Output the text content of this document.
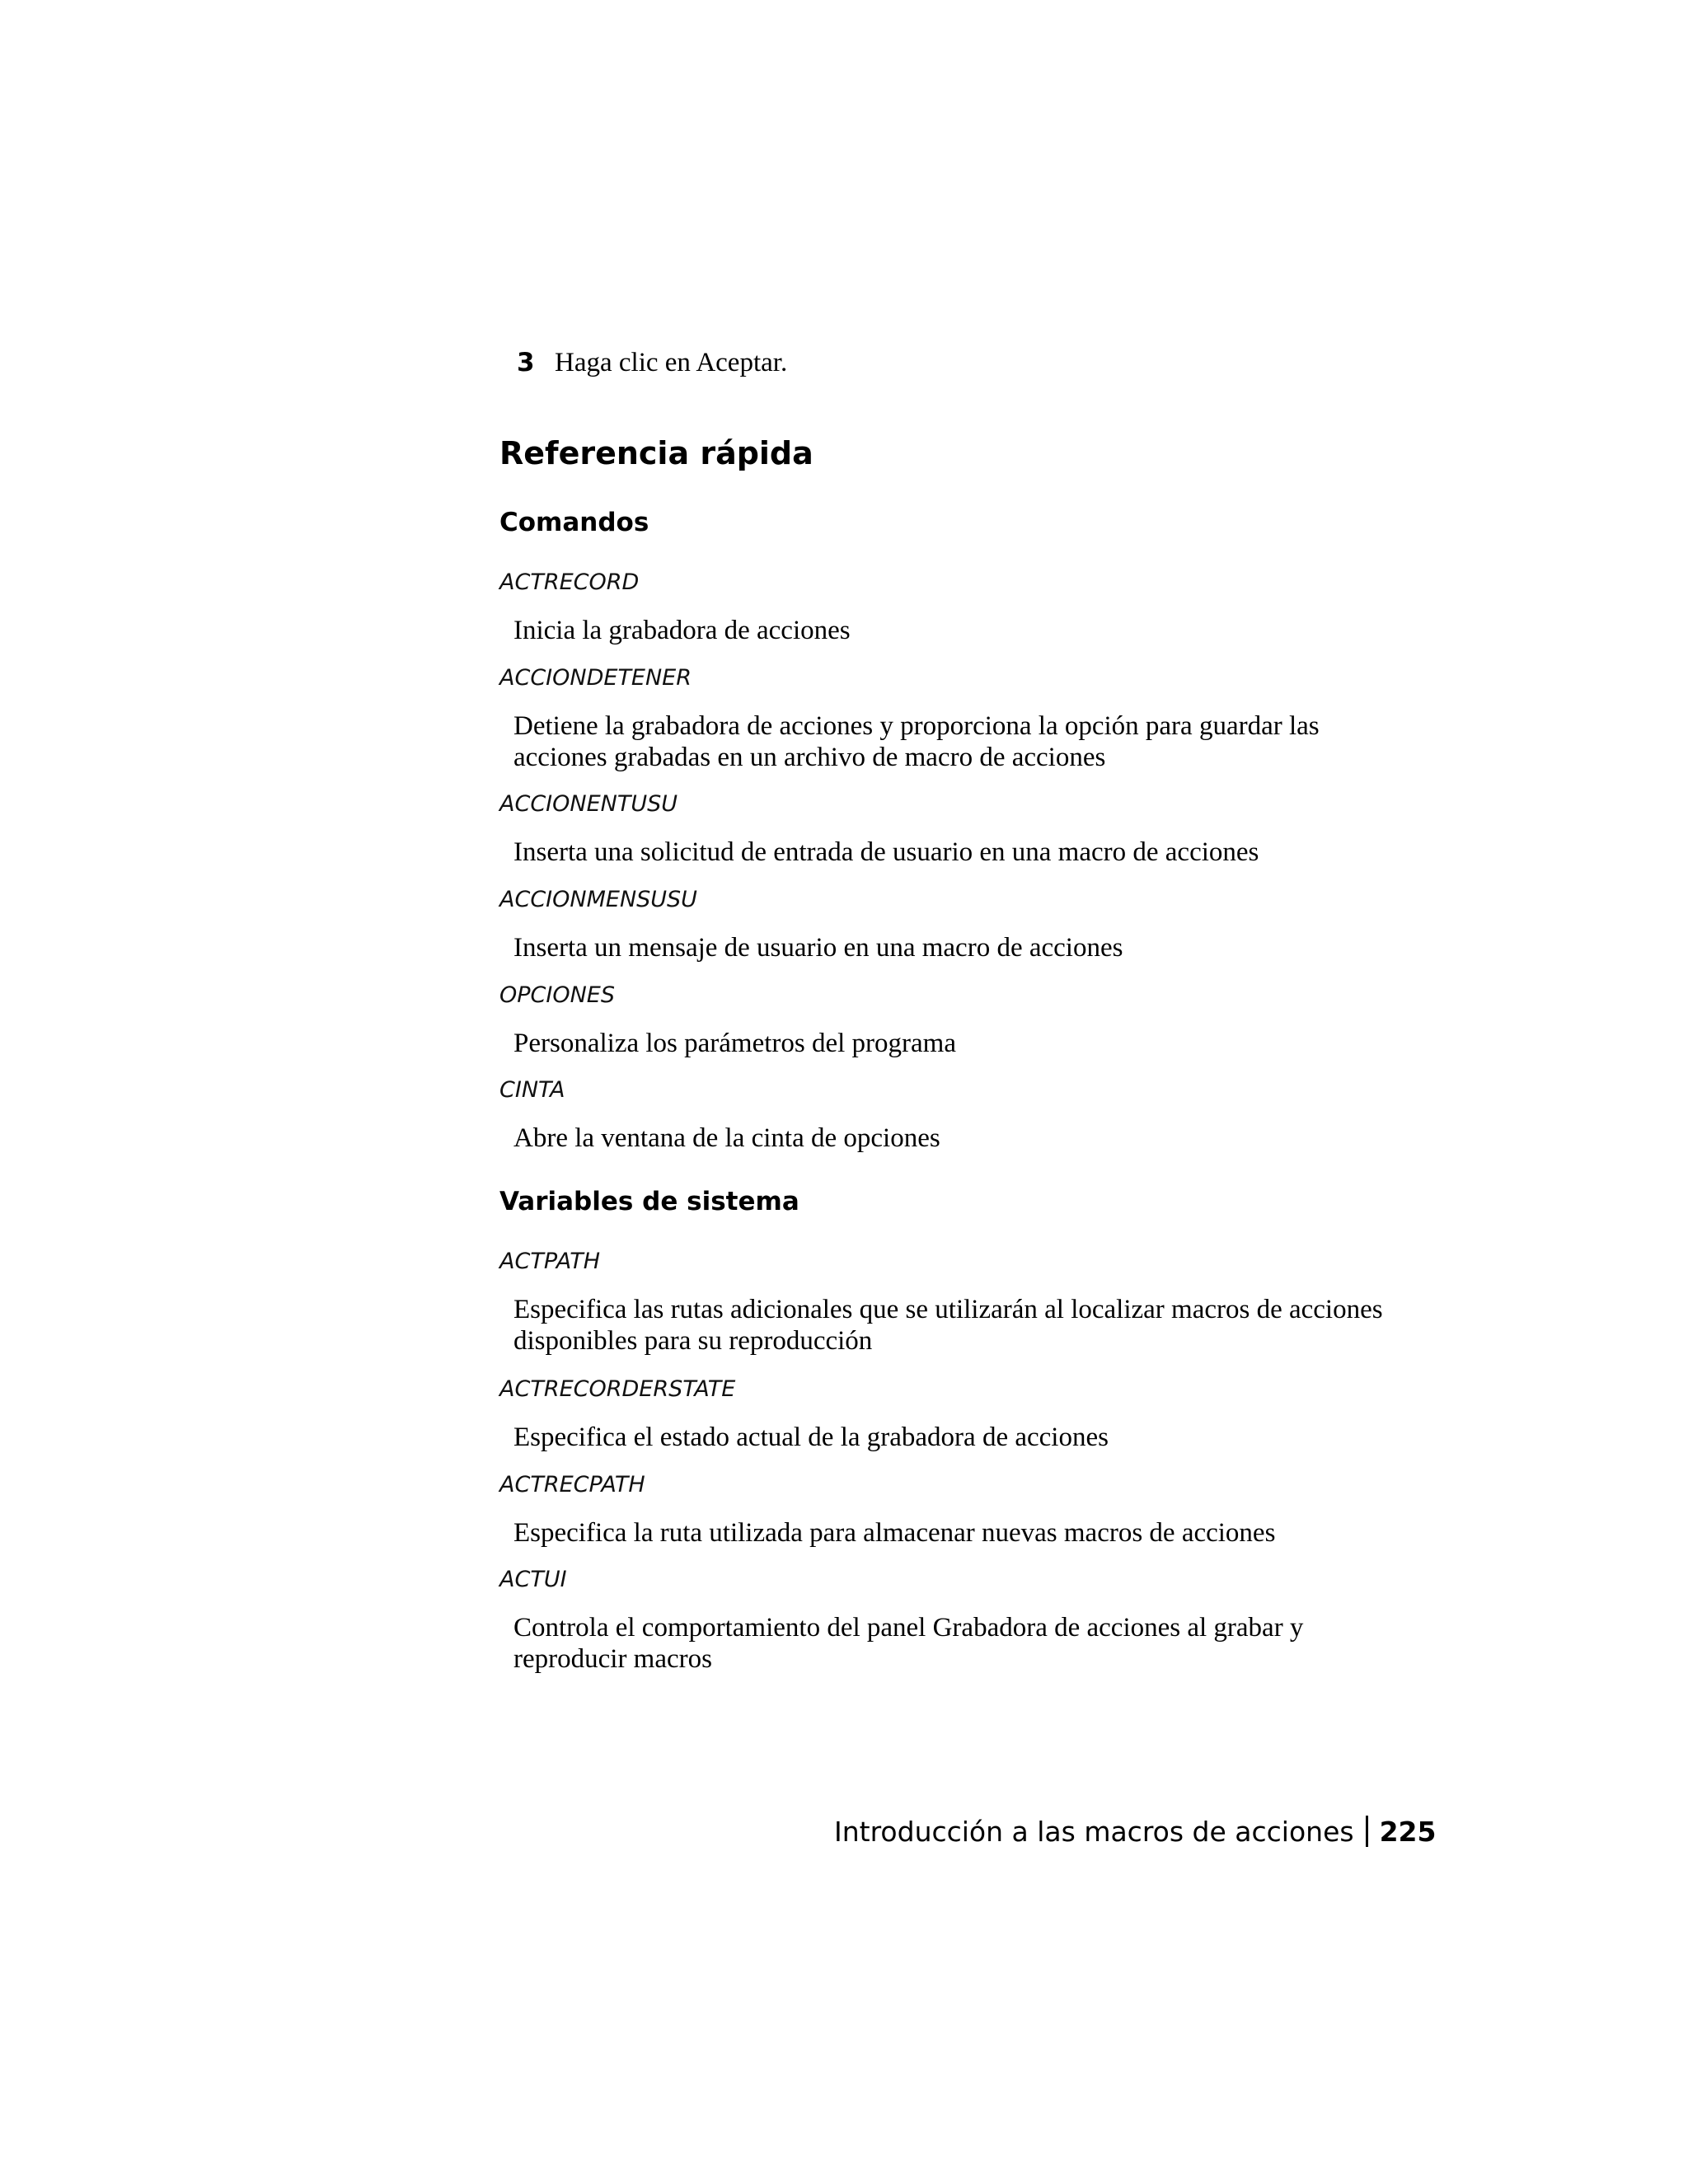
3 Haga clic en Aceptar.
Referencia rápida
Comandos
ACTRECORD
Inicia la grabadora de acciones
ACCIONDETENER
Detiene la grabadora de acciones y proporciona la opción para guardar las acciones grabadas en un archivo de macro de acciones
ACCIONENTUSU
Inserta una solicitud de entrada de usuario en una macro de acciones
ACCIONMENSUSU
Inserta un mensaje de usuario en una macro de acciones
OPCIONES
Personaliza los parámetros del programa
CINTA
Abre la ventana de la cinta de opciones
Variables de sistema
ACTPATH
Especifica las rutas adicionales que se utilizarán al localizar macros de acciones disponibles para su reproducción
ACTRECORDERSTATE
Especifica el estado actual de la grabadora de acciones
ACTRECPATH
Especifica la ruta utilizada para almacenar nuevas macros de acciones
ACTUI
Controla el comportamiento del panel Grabadora de acciones al grabar y reproducir macros
Introducción a las macros de acciones 225
